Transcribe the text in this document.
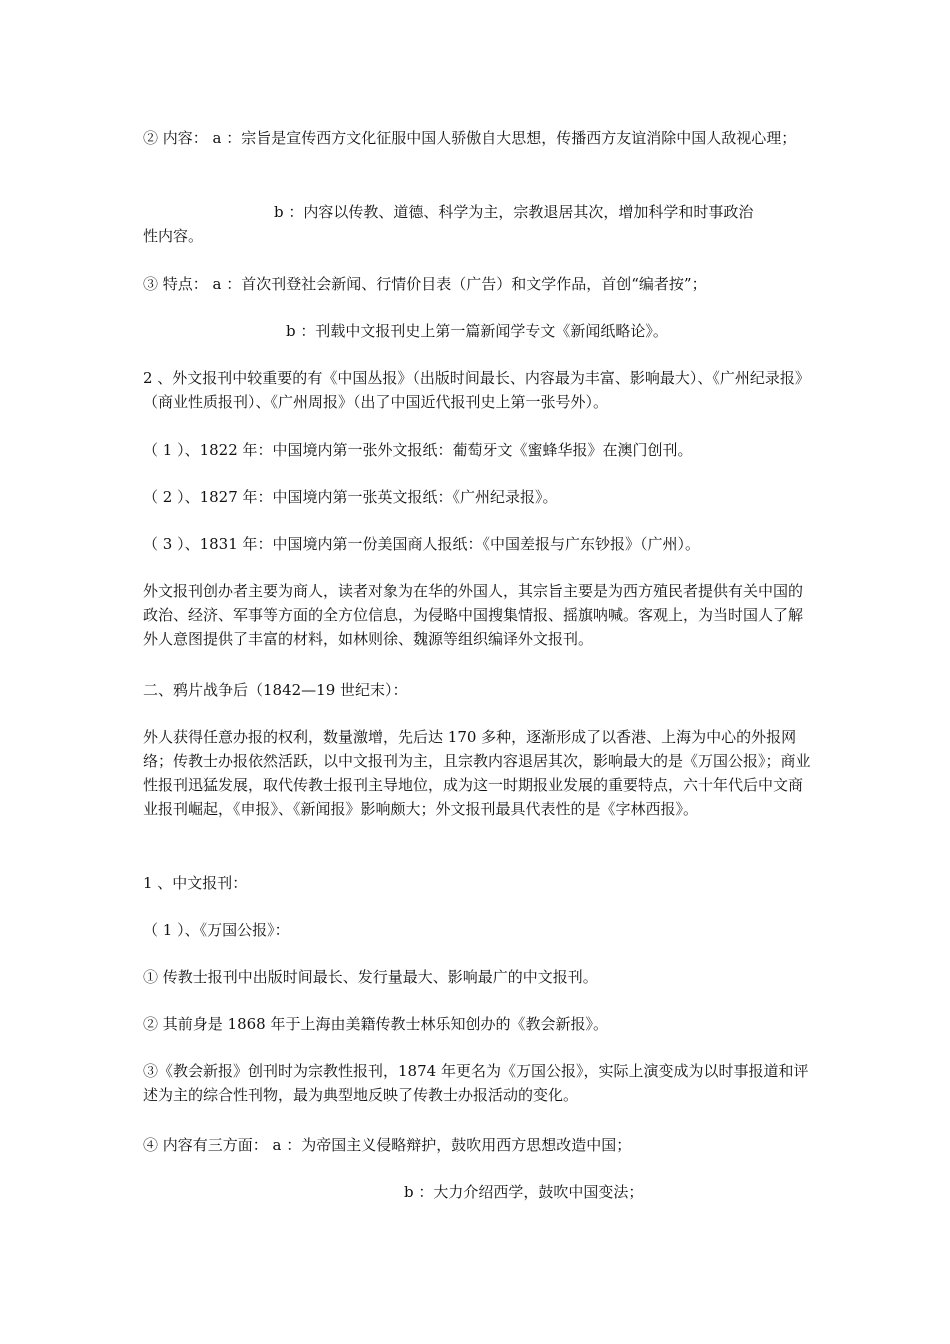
② 内容： a ：宗旨是宣传西方文化征服中国人骄傲自大思想，传播西方友谊消除中国人敌视心理；

b ：内容以传教、道德、科学为主，宗教退居其次，增加科学和时事政治
性内容。

③ 特点： a ：首次刊登社会新闻、行情价目表（广告）和文学作品，首创“编者按”；

b ：刊载中文报刊史上第一篇新闻学专文《新闻纸略论》。

2 、外文报刊中较重要的有《中国丛报》（出版时间最长、内容最为丰富、影响最大）、《广州纪录报》（商业性质报刊）、《广州周报》（出了中国近代报刊史上第一张号外）。

（ 1 ）、1822 年：中国境内第一张外文报纸：葡萄牙文《蜜蜂华报》在澳门创刊。

（ 2 ）、1827 年：中国境内第一张英文报纸：《广州纪录报》。

（ 3 ）、1831 年：中国境内第一份美国商人报纸：《中国差报与广东钞报》（广州）。

外文报刊创办者主要为商人，读者对象为在华的外国人，其宗旨主要是为西方殖民者提供有关中国的政治、经济、军事等方面的全方位信息，为侵略中国搜集情报、摇旗呐喊。客观上，为当时国人了解外人意图提供了丰富的材料，如林则徐、魏源等组织编译外文报刊。

二、鸦片战争后（1842—19 世纪末）：

外人获得任意办报的权利，数量激增，先后达 170 多种，逐渐形成了以香港、上海为中心的外报网络；传教士办报依然活跃，以中文报刊为主，且宗教内容退居其次，影响最大的是《万国公报》；商业性报刊迅猛发展，取代传教士报刊主导地位，成为这一时期报业发展的重要特点，六十年代后中文商业报刊崛起，《申报》、《新闻报》影响颇大；外文报刊最具代表性的是《字林西报》。

1 、中文报刊：

（ 1 ）、《万国公报》：

① 传教士报刊中出版时间最长、发行量最大、影响最广的中文报刊。

② 其前身是 1868 年于上海由美籍传教士林乐知创办的《教会新报》。

③《教会新报》创刊时为宗教性报刊，1874 年更名为《万国公报》，实际上演变成为以时事报道和评述为主的综合性刊物，最为典型地反映了传教士办报活动的变化。

④ 内容有三方面： a ：为帝国主义侵略辩护，鼓吹用西方思想改造中国；

b ：大力介绍西学，鼓吹中国变法；
